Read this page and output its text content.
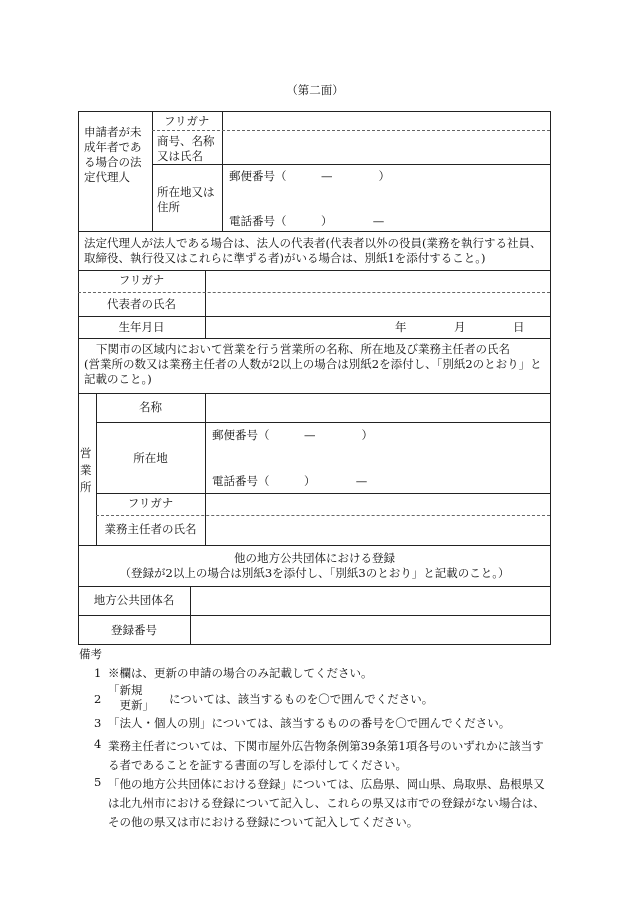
（第二面）
申請者が未
成年者であ
る場合の法
定代理人
フリガナ
商号、名称
又は氏名
所在地又は
住所
郵便番号（　　　—　　　　）
電話番号（　　　）　　　　—
法定代理人が法人である場合は、法人の代表者(代表者以外の役員(業務を執行する社員、
取締役、執行役又はこれらに準ずる者)がいる場合は、別紙1を添付すること。)
フリガナ
代表者の氏名
生年月日	年	月	日
下関市の区域内において営業を行う営業所の名称、所在地及び業務主任者の氏名
(営業所の数又は業務主任者の人数が2以上の場合は別紙2を添付し、「別紙2のとおり」と
記載のこと。)
営
業
所
名称
所在地
郵便番号（　　　—　　　　）
電話番号（　　　）　　　　—
フリガナ
業務主任者の氏名
他の地方公共団体における登録
（登録が2以上の場合は別紙3を添付し、「別紙3のとおり」と記載のこと。）
地方公共団体名
登録番号
備考
1 ※欄は、更新の申請の場合のみ記載してください。
2
「新規
　更新」 については、該当するものを〇で囲んでください。
3 「法人・個人の別」については、該当するものの番号を〇で囲んでください。
4 業務主任者については、下関市屋外広告物条例第39条第1項各号のいずれかに該当す
る者であることを証する書面の写しを添付してください。
5 「他の地方公共団体における登録」については、広島県、岡山県、鳥取県、島根県又
は北九州市における登録について記入し、これらの県又は市での登録がない場合は、
その他の県又は市における登録について記入してください。
